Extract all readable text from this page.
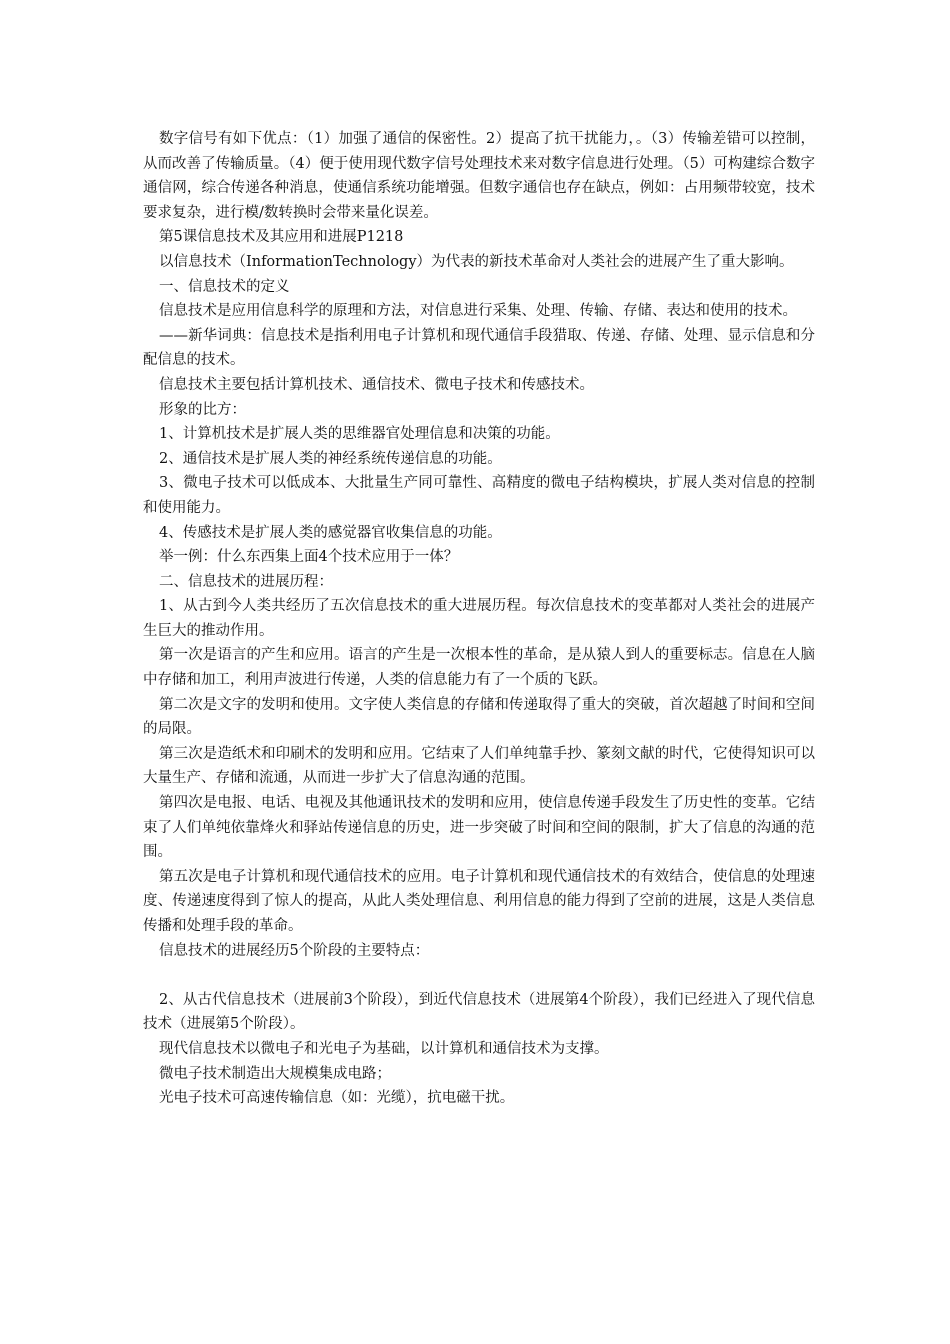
数字信号有如下优点：（1）加强了通信的保密性。2）提高了抗干扰能力，。（3）传输差错可以控制，从而改善了传输质量。（4）便于使用现代数字信号处理技术来对数字信息进行处理。（5）可构建综合数字通信网，综合传递各种消息，使通信系统功能增强。但数字通信也存在缺点，例如：占用频带较宽，技术要求复杂，进行模/数转换时会带来量化误差。

第5课信息技术及其应用和进展P1218

以信息技术（InformationTechnology）为代表的新技术革命对人类社会的进展产生了重大影响。

一、信息技术的定义

信息技术是应用信息科学的原理和方法，对信息进行采集、处理、传输、存储、表达和使用的技术。

——新华词典：信息技术是指利用电子计算机和现代通信手段猎取、传递、存储、处理、显示信息和分配信息的技术。

信息技术主要包括计算机技术、通信技术、微电子技术和传感技术。

形象的比方：

1、计算机技术是扩展人类的思维器官处理信息和决策的功能。

2、通信技术是扩展人类的神经系统传递信息的功能。

3、微电子技术可以低成本、大批量生产同可靠性、高精度的微电子结构模块，扩展人类对信息的控制和使用能力。

4、传感技术是扩展人类的感觉器官收集信息的功能。

举一例：什么东西集上面4个技术应用于一体？

二、信息技术的进展历程：

1、从古到今人类共经历了五次信息技术的重大进展历程。每次信息技术的变革都对人类社会的进展产生巨大的推动作用。

第一次是语言的产生和应用。语言的产生是一次根本性的革命，是从猿人到人的重要标志。信息在人脑中存储和加工，利用声波进行传递，人类的信息能力有了一个质的飞跃。

第二次是文字的发明和使用。文字使人类信息的存储和传递取得了重大的突破，首次超越了时间和空间的局限。

第三次是造纸术和印刷术的发明和应用。它结束了人们单纯靠手抄、篆刻文献的时代，它使得知识可以大量生产、存储和流通，从而进一步扩大了信息沟通的范围。

第四次是电报、电话、电视及其他通讯技术的发明和应用，使信息传递手段发生了历史性的变革。它结束了人们单纯依靠烽火和驿站传递信息的历史，进一步突破了时间和空间的限制，扩大了信息的沟通的范围。

第五次是电子计算机和现代通信技术的应用。电子计算机和现代通信技术的有效结合，使信息的处理速度、传递速度得到了惊人的提高，从此人类处理信息、利用信息的能力得到了空前的进展，这是人类信息传播和处理手段的革命。

信息技术的进展经历5个阶段的主要特点：

2、从古代信息技术（进展前3个阶段），到近代信息技术（进展第4个阶段），我们已经进入了现代信息技术（进展第5个阶段）。

现代信息技术以微电子和光电子为基础，以计算机和通信技术为支撑。

微电子技术制造出大规模集成电路；

光电子技术可高速传输信息（如：光缆），抗电磁干扰。
